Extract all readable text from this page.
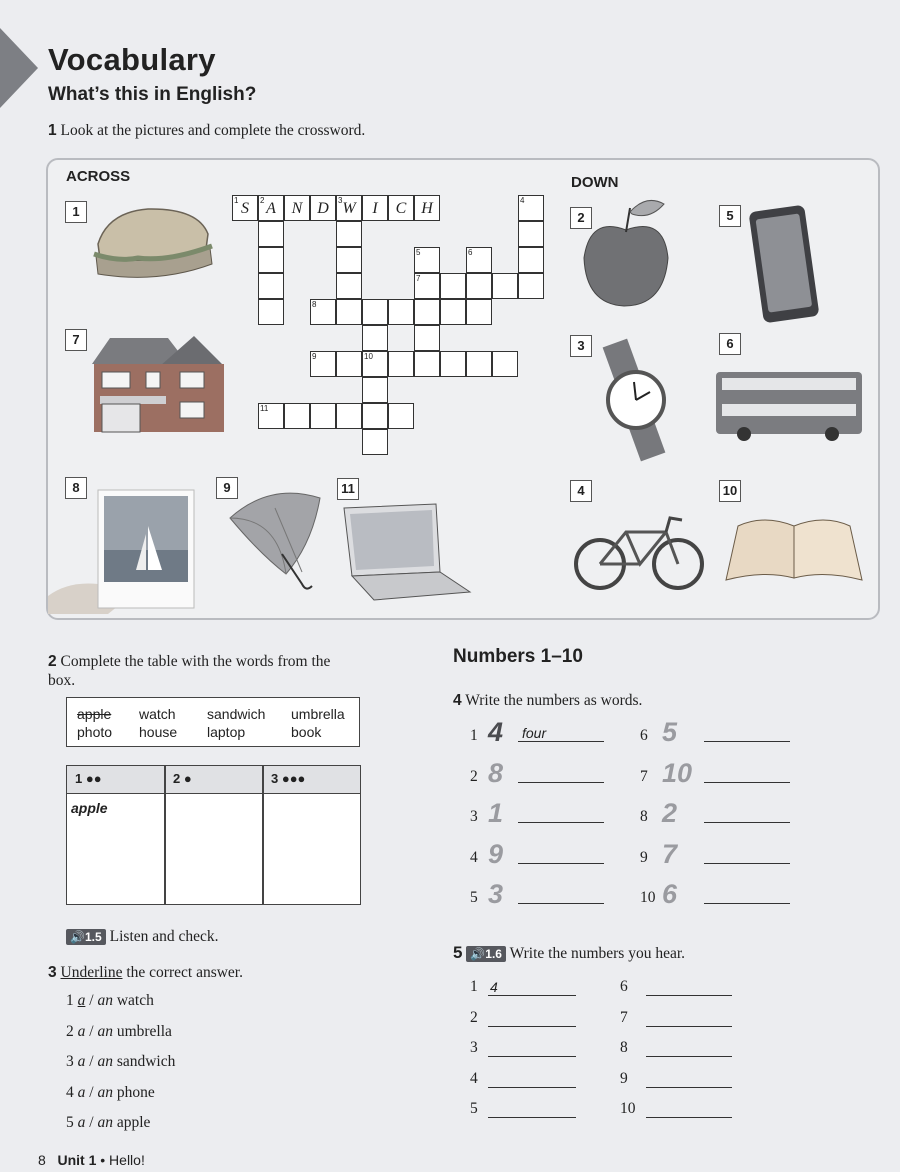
Vocabulary
What’s this in English?
1 Look at the pictures and complete the crossword.
ACROSS	DOWN
1
7
8	9	11
2	5
3	6
4	10
1 S	2 A N D	3 W	I	C H	4
5
7
6
8
9	10
11
2 Complete the table with the words from the box.
apple watch sandwich umbrella
photo house laptop	book
1 ●●	2 ●	3 ●●●
apple
🔊1.5 Listen and check.
3 Underline the correct answer.
1 a / an watch
2 a / an umbrella
3 a / an sandwich
4 a / an phone
5 a / an apple
Numbers 1–10
4 Write the numbers as words.
1 4 four
2 8
3 1
4 9
5 3
6 5
7 10
8 2
9 7
10 6
5 🔊1.6 Write the numbers you hear.
1 4
2
3
4
5
6
7
8
9
10
8 Unit 1 • Hello!
